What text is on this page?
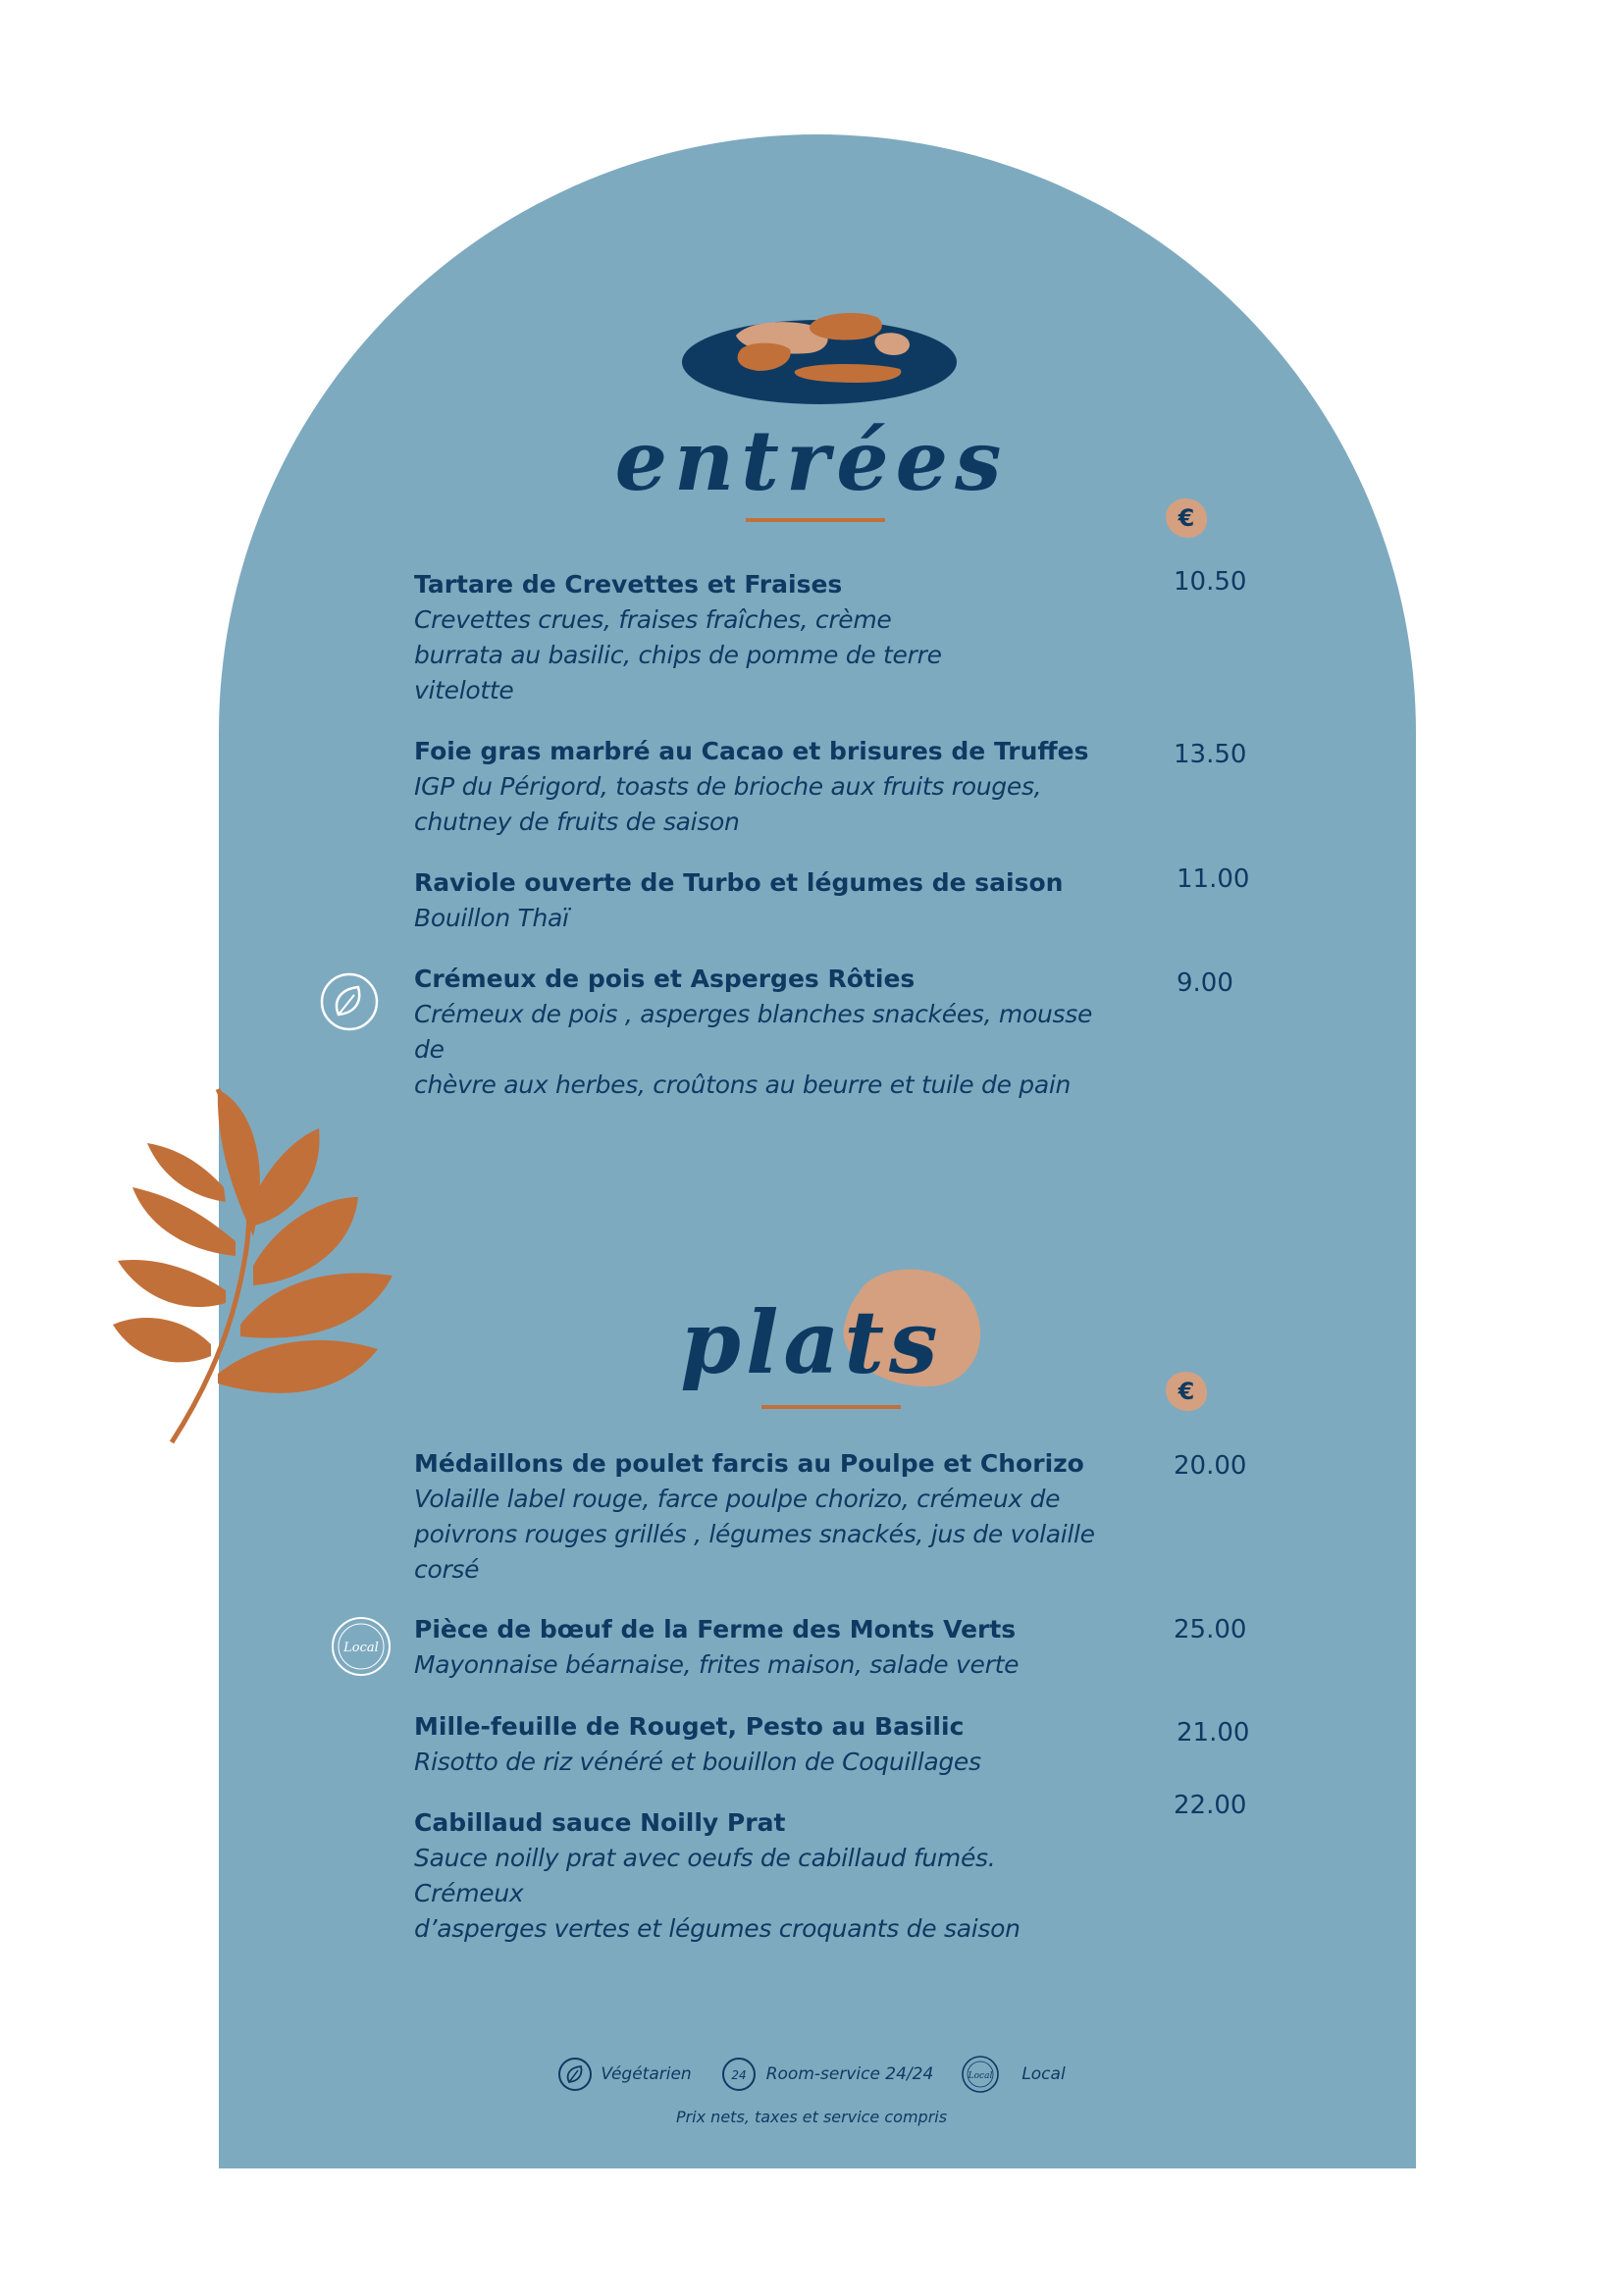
entrées
€
Tartare de Crevettes et Fraises
Crevettes crues, fraises fraîches, crème
burrata au basilic, chips de pomme de terre
vitelotte
10.50
Foie gras marbré au Cacao et brisures de Truffes
IGP du Périgord, toasts de brioche aux fruits rouges,
chutney de fruits de saison
13.50
Raviole ouverte de Turbo et légumes de saison
Bouillon Thaï
11.00
Crémeux de pois et Asperges Rôties
Crémeux de pois , asperges blanches snackées, mousse de
chèvre aux herbes, croûtons au beurre et tuile de pain
9.00
plats	€
Médaillons de poulet farcis au Poulpe et Chorizo
Volaille label rouge, farce poulpe chorizo, crémeux de
poivrons rouges grillés , légumes snackés, jus de volaille
corsé
20.00
Local
Pièce de bœuf de la Ferme des Monts Verts
Mayonnaise béarnaise, frites maison, salade verte
25.00
Mille-feuille de Rouget, Pesto au Basilic
Risotto de riz vénéré et bouillon de Coquillages
21.00
Cabillaud sauce Noilly Prat
Sauce noilly prat avec oeufs de cabillaud fumés. Crémeux
d’asperges vertes et légumes croquants de saison
22.00
Végétarien	24 Room-service 24/24	Local Local
Prix nets, taxes et service compris
